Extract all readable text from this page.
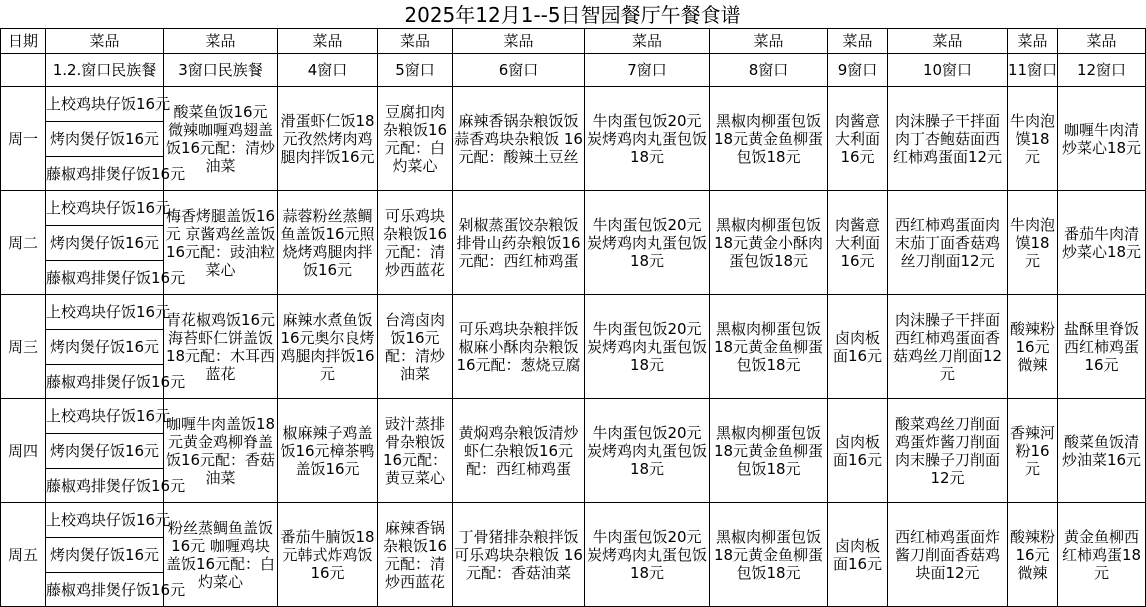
2025年12月1--5日智园餐厅午餐食谱
日期	菜品	菜品	菜品	菜品	菜品	菜品	菜品	菜品	菜品	菜品	菜品
	1.2.窗口民族餐	3窗口民族餐	4窗口	5窗口	6窗口	7窗口	8窗口	9窗口	10窗口	11窗口	12窗口
周一	上校鸡块仔饭16元	酸菜鱼饭16元 微辣咖喱鸡翅盖饭16元配：清炒油菜	滑蛋虾仁饭18元孜然烤肉鸡腿肉拌饭16元	豆腐扣肉杂粮饭16元配：白灼菜心	麻辣香锅杂粮饭饭蒜香鸡块杂粮饭 16元配：酸辣土豆丝	牛肉蛋包饭20元炭烤鸡肉丸蛋包饭18元	黑椒肉柳蛋包饭18元黄金鱼柳蛋包饭18元	肉酱意大利面16元	肉沫臊子干拌面肉丁杏鲍菇面西红柿鸡蛋面12元	牛肉泡馍18元	咖喱牛肉清炒菜心18元
	烤肉煲仔饭16元										
	藤椒鸡排煲仔饭16元										
周二	上校鸡块仔饭16元	梅香烤腿盖饭16元 京酱鸡丝盖饭16元配：豉油粒菜心	蒜蓉粉丝蒸鲷鱼盖饭16元照烧烤鸡腿肉拌饭16元	可乐鸡块杂粮饭16元配：清炒西蓝花	剁椒蒸蛋饺杂粮饭排骨山药杂粮饭16元配：西红柿鸡蛋	牛肉蛋包饭20元炭烤鸡肉丸蛋包饭18元	黑椒肉柳蛋包饭18元黄金小酥肉蛋包饭18元	肉酱意大利面16元	西红柿鸡蛋面肉末茄丁面香菇鸡丝刀削面12元	牛肉泡馍18元	番茄牛肉清炒菜心18元
	烤肉煲仔饭16元										
	藤椒鸡排煲仔饭16元										
周三	上校鸡块仔饭16元	青花椒鸡饭16元 海苔虾仁饼盖饭18元配：木耳西蓝花	麻辣水煮鱼饭16元奥尔良烤鸡腿肉拌饭16元	台湾卤肉饭16元配：清炒油菜	可乐鸡块杂粮拌饭椒麻小酥肉杂粮饭 16元配：葱烧豆腐	牛肉蛋包饭20元炭烤鸡肉丸蛋包饭18元	黑椒肉柳蛋包饭18元黄金鱼柳蛋包饭18元	卤肉板面16元	肉沫臊子干拌面西红柿鸡蛋面香菇鸡丝刀削面12元	酸辣粉16元微辣	盐酥里脊饭西红柿鸡蛋16元
	烤肉煲仔饭16元										
	藤椒鸡排煲仔饭16元										
周四	上校鸡块仔饭16元	咖喱牛肉盖饭18元黄金鸡柳脊盖饭16元配：香菇油菜	椒麻辣子鸡盖饭16元樟茶鸭盖饭16元	豉汁蒸排骨杂粮饭16元配：黄豆菜心	黄焖鸡杂粮饭清炒虾仁杂粮饭16元配：西红柿鸡蛋	牛肉蛋包饭20元炭烤鸡肉丸蛋包饭18元	黑椒肉柳蛋包饭18元黄金鱼柳蛋包饭18元	卤肉板面16元	酸菜鸡丝刀削面鸡蛋炸酱刀削面肉末臊子刀削面12元	香辣河粉16元	酸菜鱼饭清炒油菜16元
	烤肉煲仔饭16元										
	藤椒鸡排煲仔饭16元										
周五	上校鸡块仔饭16元	粉丝蒸鲷鱼盖饭16元 咖喱鸡块盖饭16元配：白灼菜心	番茄牛腩饭18元韩式炸鸡饭16元	麻辣香锅杂粮饭16元配：清炒西蓝花	丁骨猪排杂粮拌饭可乐鸡块杂粮饭 16元配：香菇油菜	牛肉蛋包饭20元炭烤鸡肉丸蛋包饭18元	黑椒肉柳蛋包饭18元黄金鱼柳蛋包饭18元	卤肉板面16元	西红柿鸡蛋面炸酱刀削面香菇鸡块面12元	酸辣粉16元微辣	黄金鱼柳西红柿鸡蛋18元
	烤肉煲仔饭16元										
	藤椒鸡排煲仔饭16元										
